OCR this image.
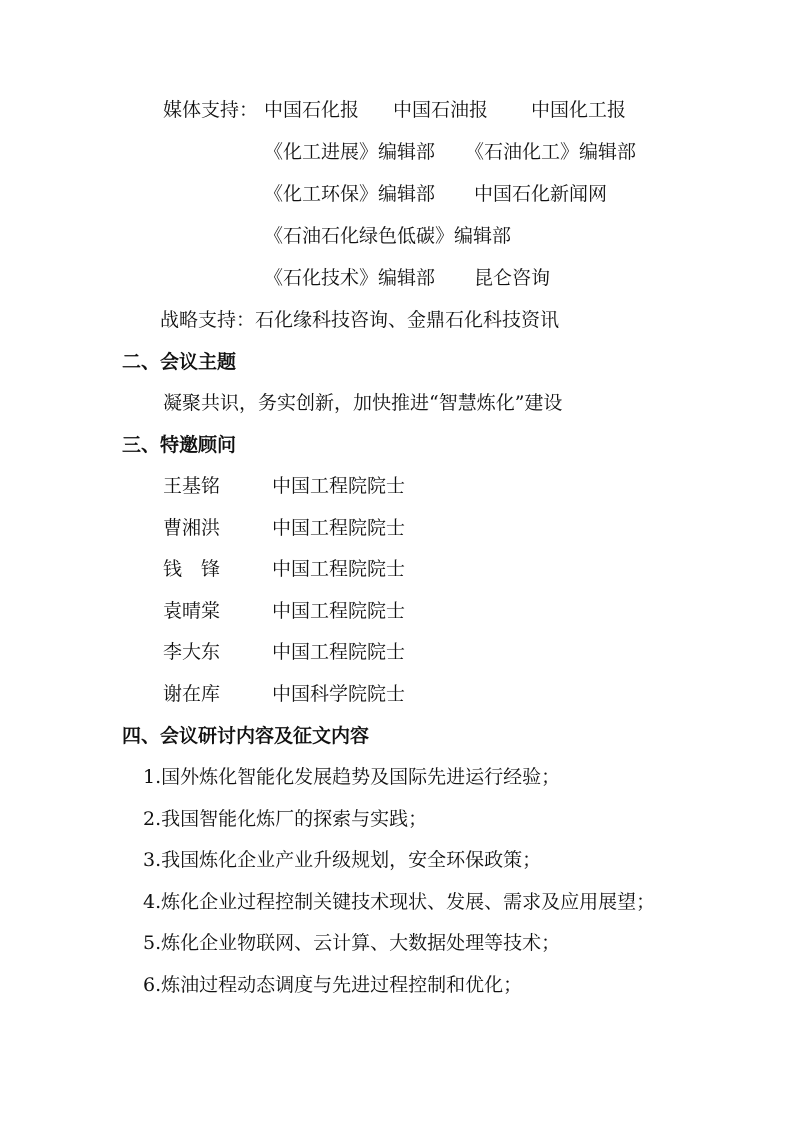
媒体支持： 中国石化报 中国石油报 中国化工报
《化工进展》编辑部 《石油化工》编辑部
《化工环保》编辑部 中国石化新闻网
《石油石化绿色低碳》编辑部
《石化技术》编辑部 昆仑咨询
战略支持：石化缘科技咨询、金鼎石化科技资讯
二、会议主题
凝聚共识，务实创新，加快推进“智慧炼化”建设
三、特邀顾问
王基铭	中国工程院院士
曹湘洪	中国工程院院士
钱　锋	中国工程院院士
袁晴棠	中国工程院院士
李大东	中国工程院院士
谢在库	中国科学院院士
四、会议研讨内容及征文内容
1.国外炼化智能化发展趋势及国际先进运行经验；
2.我国智能化炼厂的探索与实践；
3.我国炼化企业产业升级规划，安全环保政策；
4.炼化企业过程控制关键技术现状、发展、需求及应用展望；
5.炼化企业物联网、云计算、大数据处理等技术；
6.炼油过程动态调度与先进过程控制和优化；
